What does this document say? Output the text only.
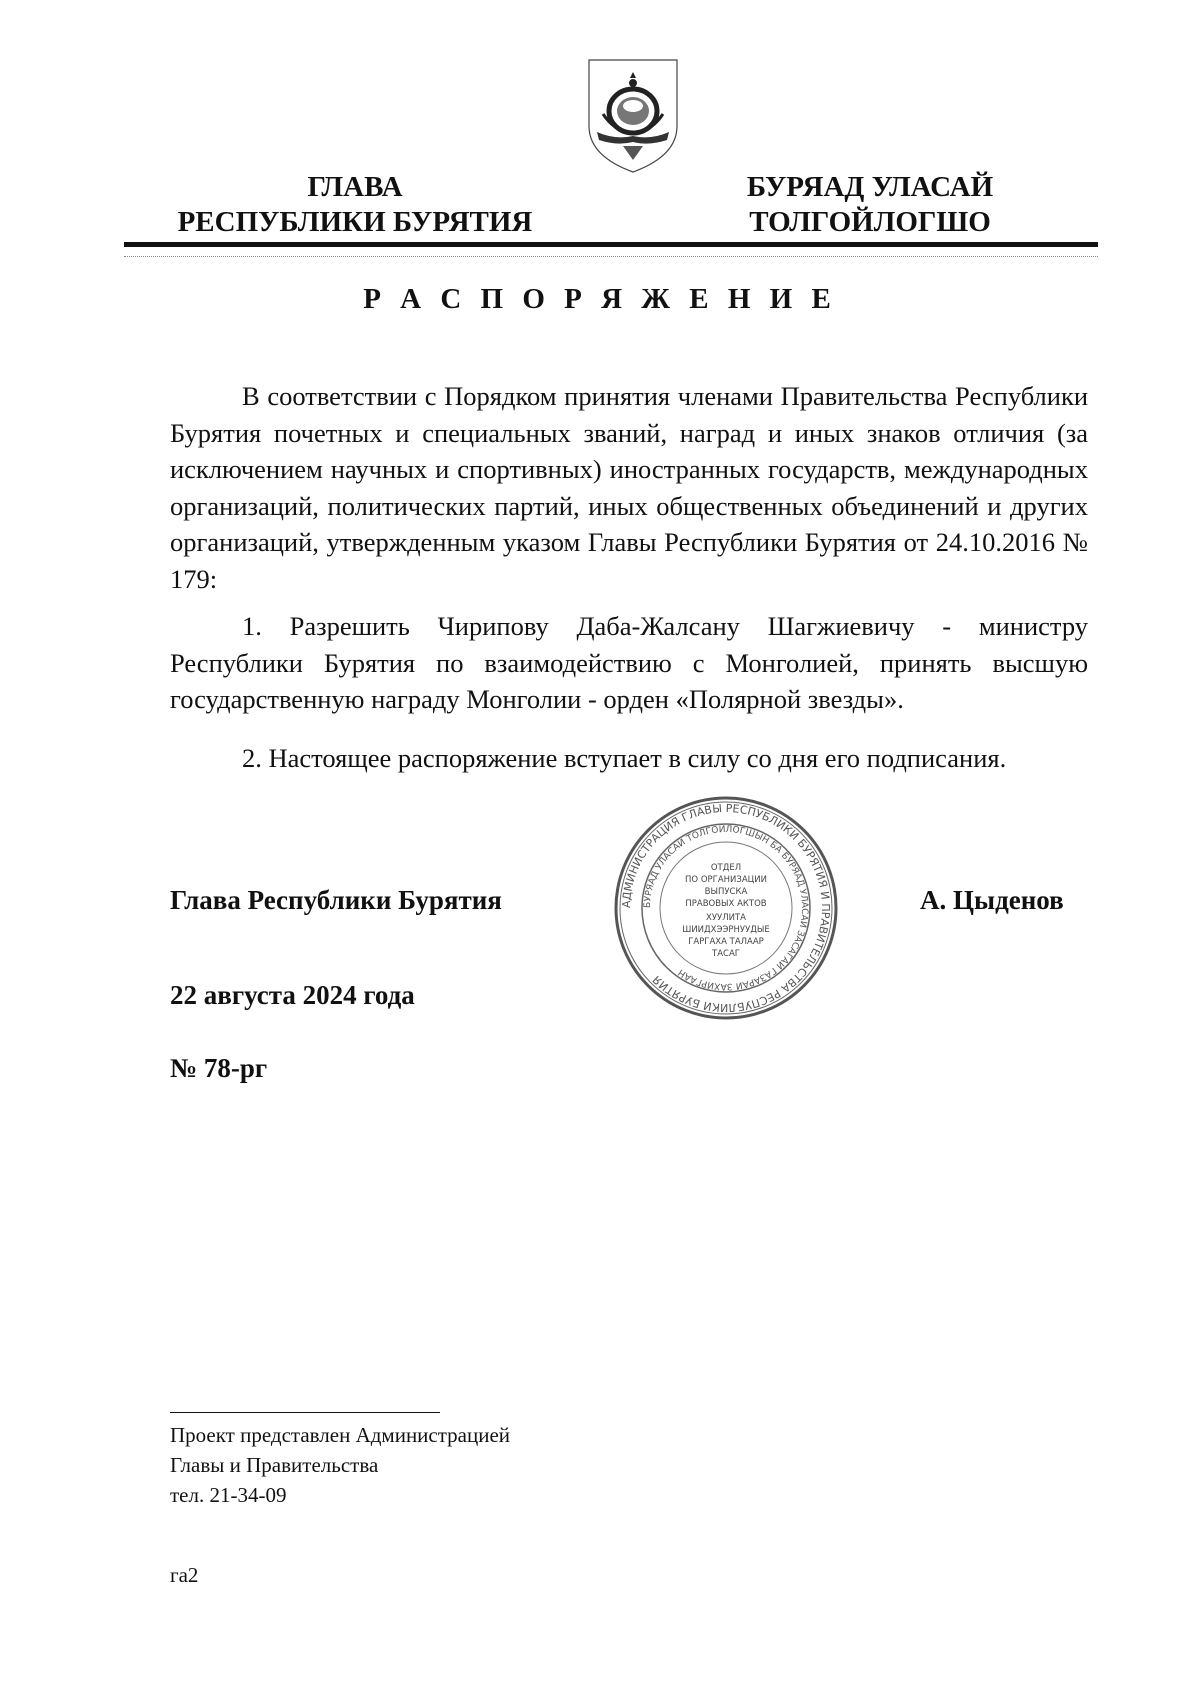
ГЛАВА
РЕСПУБЛИКИ БУРЯТИЯ
БУРЯАД УЛАСАЙ
ТОЛГОЙЛОГШО
Р А С П О Р Я Ж Е Н И Е

В соответствии с Порядком принятия членами Правительства Республики Бурятия почетных и специальных званий, наград и иных знаков отличия (за исключением научных и спортивных) иностранных государств, международных организаций, политических партий, иных общественных объединений и других организаций, утвержденным указом Главы Республики Бурятия от 24.10.2016 № 179:

1. Разрешить Чирипову Даба-Жалсану Шагжиевичу - министру Республики Бурятия по взаимодействию с Монголией, принять высшую государственную награду Монголии - орден «Полярной звезды».

2. Настоящее распоряжение вступает в силу со дня его подписания.

Глава Республики Бурятия	А. Цыденов
АДМИНИСТРАЦИЯ ГЛАВЫ РЕСПУБЛИКИ БУРЯТИЯ И ПРАВИТЕЛЬСТВА РЕСПУБЛИКИ БУРЯТИЯ
БУРЯАД УЛАСАЙ ТОЛГОЙЛОГШЫН БА БУРЯАД УЛАСАЙ ЗАСАГАЙ ГАЗАРАЙ ЗАХИРГААН
ОТДЕЛ
ПО ОРГАНИЗАЦИИ
ВЫПУСКА
ПРАВОВЫХ АКТОВ
ХУУЛИТА
ШИИДХЭЭРНУУДЫЕ
ГАРГАХА ТАЛААР
ТАСАГ
22 августа 2024 года
№ 78-рг
Проект представлен Администрацией
Главы и Правительства
тел. 21-34-09
га2
